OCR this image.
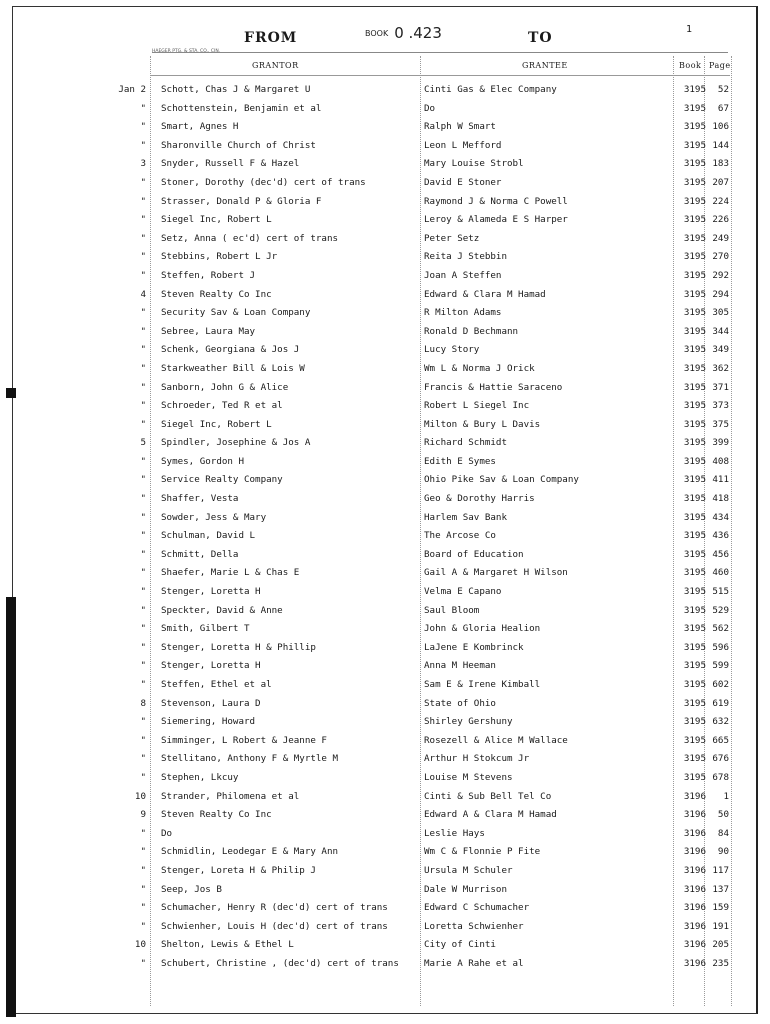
FROM	BOOK 0 .423	TO
1
HAEGER PTG. & STA. CO., CIN.
GRANTOR	GRANTEE	Book Page
Jan 2 Schott, Chas J & Margaret U	Cinti Gas & Elec Company	3195	52
" Schottenstein, Benjamin et al	Do	3195	67
" Smart, Agnes H	Ralph W Smart	3195 106
" Sharonville Church of Christ	Leon L Mefford	3195 144
3 Snyder, Russell F & Hazel	Mary Louise Strobl	3195 183
" Stoner, Dorothy (dec'd) cert of trans	David E Stoner	3195 207
" Strasser, Donald P & Gloria F	Raymond J & Norma C Powell	3195 224
" Siegel Inc, Robert L	Leroy & Alameda E S Harper	3195 226
" Setz, Anna ( ec'd) cert of trans	Peter Setz	3195 249
" Stebbins, Robert L Jr	Reita J Stebbin	3195 270
" Steffen, Robert J	Joan A Steffen	3195 292
4 Steven Realty Co Inc	Edward & Clara M Hamad	3195 294
" Security Sav & Loan Company	R Milton Adams	3195 305
" Sebree, Laura May	Ronald D Bechmann	3195 344
" Schenk, Georgiana & Jos J	Lucy Story	3195 349
" Starkweather Bill & Lois W	Wm L & Norma J Orick	3195 362
" Sanborn, John G & Alice	Francis & Hattie Saraceno	3195 371
" Schroeder, Ted R et al	Robert L Siegel Inc	3195 373
" Siegel Inc, Robert L	Milton & Bury L Davis	3195 375
5 Spindler, Josephine & Jos A	Richard Schmidt	3195 399
" Symes, Gordon H	Edith E Symes	3195 408
" Service Realty Company	Ohio Pike Sav & Loan Company	3195 411
" Shaffer, Vesta	Geo & Dorothy Harris	3195 418
" Sowder, Jess & Mary	Harlem Sav Bank	3195 434
" Schulman, David L	The Arcose Co	3195 436
" Schmitt, Della	Board of Education	3195 456
" Shaefer, Marie L & Chas E	Gail A & Margaret H Wilson	3195 460
" Stenger, Loretta H	Velma E Capano	3195 515
" Speckter, David & Anne	Saul Bloom	3195 529
" Smith, Gilbert T	John & Gloria Healion	3195 562
" Stenger, Loretta H & Phillip	LaJene E Kombrinck	3195 596
" Stenger, Loretta H	Anna M Heeman	3195 599
" Steffen, Ethel et al	Sam E & Irene Kimball	3195 602
8 Stevenson, Laura D	State of Ohio	3195 619
" Siemering, Howard	Shirley Gershuny	3195 632
" Simminger, L Robert & Jeanne F	Rosezell & Alice M Wallace	3195 665
" Stellitano, Anthony F & Myrtle M	Arthur H Stokcum Jr	3195 676
" Stephen, Lkcuy	Louise M Stevens	3195 678
10 Strander, Philomena et al	Cinti & Sub Bell Tel Co	3196	1
9 Steven Realty Co Inc	Edward A & Clara M Hamad	3196	50
" Do	Leslie Hays	3196	84
" Schmidlin, Leodegar E & Mary Ann	Wm C & Flonnie P Fite	3196	90
" Stenger, Loreta H & Philip J	Ursula M Schuler	3196 117
" Seep, Jos B	Dale W Murrison	3196 137
" Schumacher, Henry R (dec'd) cert of trans	Edward C Schumacher	3196 159
" Schwienher, Louis H (dec'd) cert of trans	Loretta Schwienher	3196 191
10 Shelton, Lewis & Ethel L	City of Cinti	3196 205
" Schubert, Christine , (dec'd) cert of trans	Marie A Rahe et al	3196 235
